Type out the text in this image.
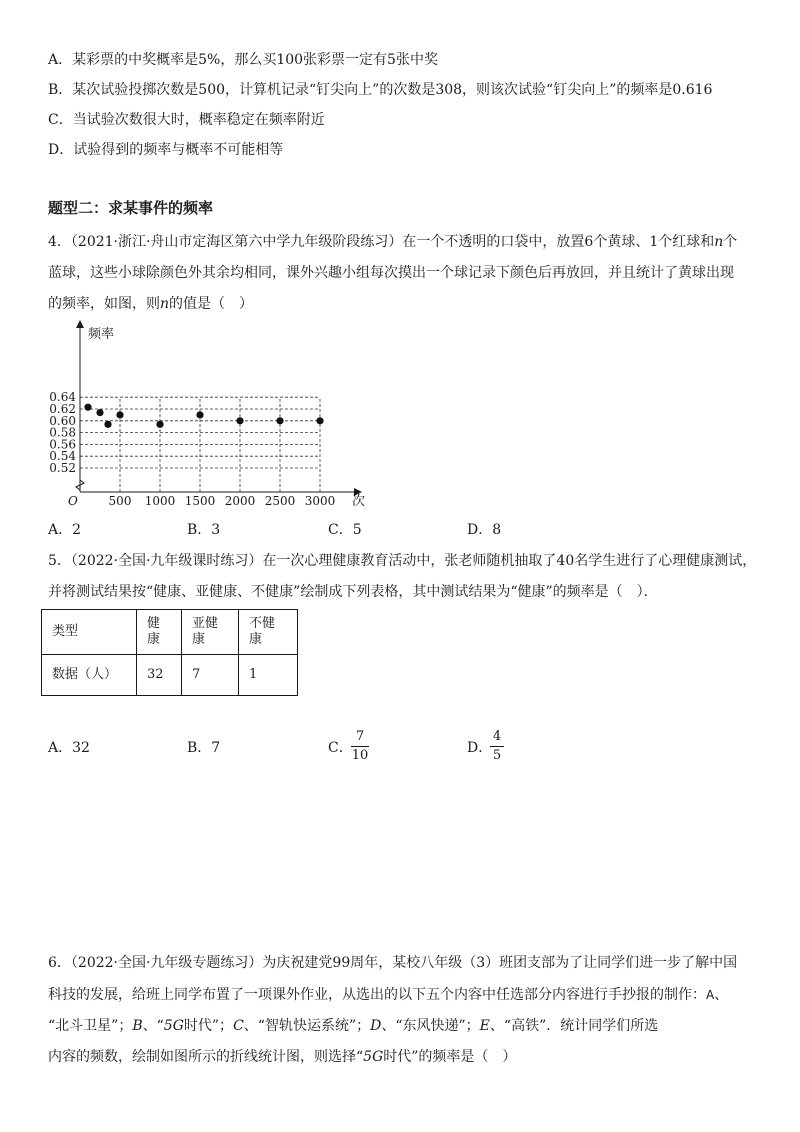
A．某彩票的中奖概率是5%，那么买100张彩票一定有5张中奖
B．某次试验投掷次数是500，计算机记录“钉尖向上”的次数是308，则该次试验“钉尖向上”的频率是0.616
C．当试验次数很大时，概率稳定在频率附近
D．试验得到的频率与概率不可能相等
题型二：求某事件的频率
4．（2021·浙江·舟山市定海区第六中学九年级阶段练习）在一个不透明的口袋中，放置6个黄球、1个红球和n个
蓝球，这些小球除颜色外其余均相同，课外兴趣小组每次摸出一个球记录下颜色后再放回，并且统计了黄球出现
的频率，如图，则n的值是（　）
0.52
0.54
0.56
0.58
0.60
0.62
0.64
500 1000 1500 2000 2500 3000
频率
次
O
A．2	B．3	C．5	D．8
5．（2022·全国·九年级课时练习）在一次心理健康教育活动中，张老师随机抽取了40名学生进行了心理健康测试，
并将测试结果按“健康、亚健康、不健康”绘制成下列表格，其中测试结果为“健康”的频率是（　）．
类型	健康	亚健
康	不健康
数据（人）	32	7	1
A．32	B．7	C．
7
10	D．
4
5
6．（2022·全国·九年级专题练习）为庆祝建党99周年，某校八年级（3）班团支部为了让同学们进一步了解中国
科技的发展，给班上同学布置了一项课外作业，从选出的以下五个内容中任选部分内容进行手抄报的制作：A、
“北斗卫星”；B、“5G时代”；C、“智轨快运系统”；D、“东风快递”；E、“高铁”．统计同学们所选
内容的频数，绘制如图所示的折线统计图，则选择“5G时代”的频率是（　）
